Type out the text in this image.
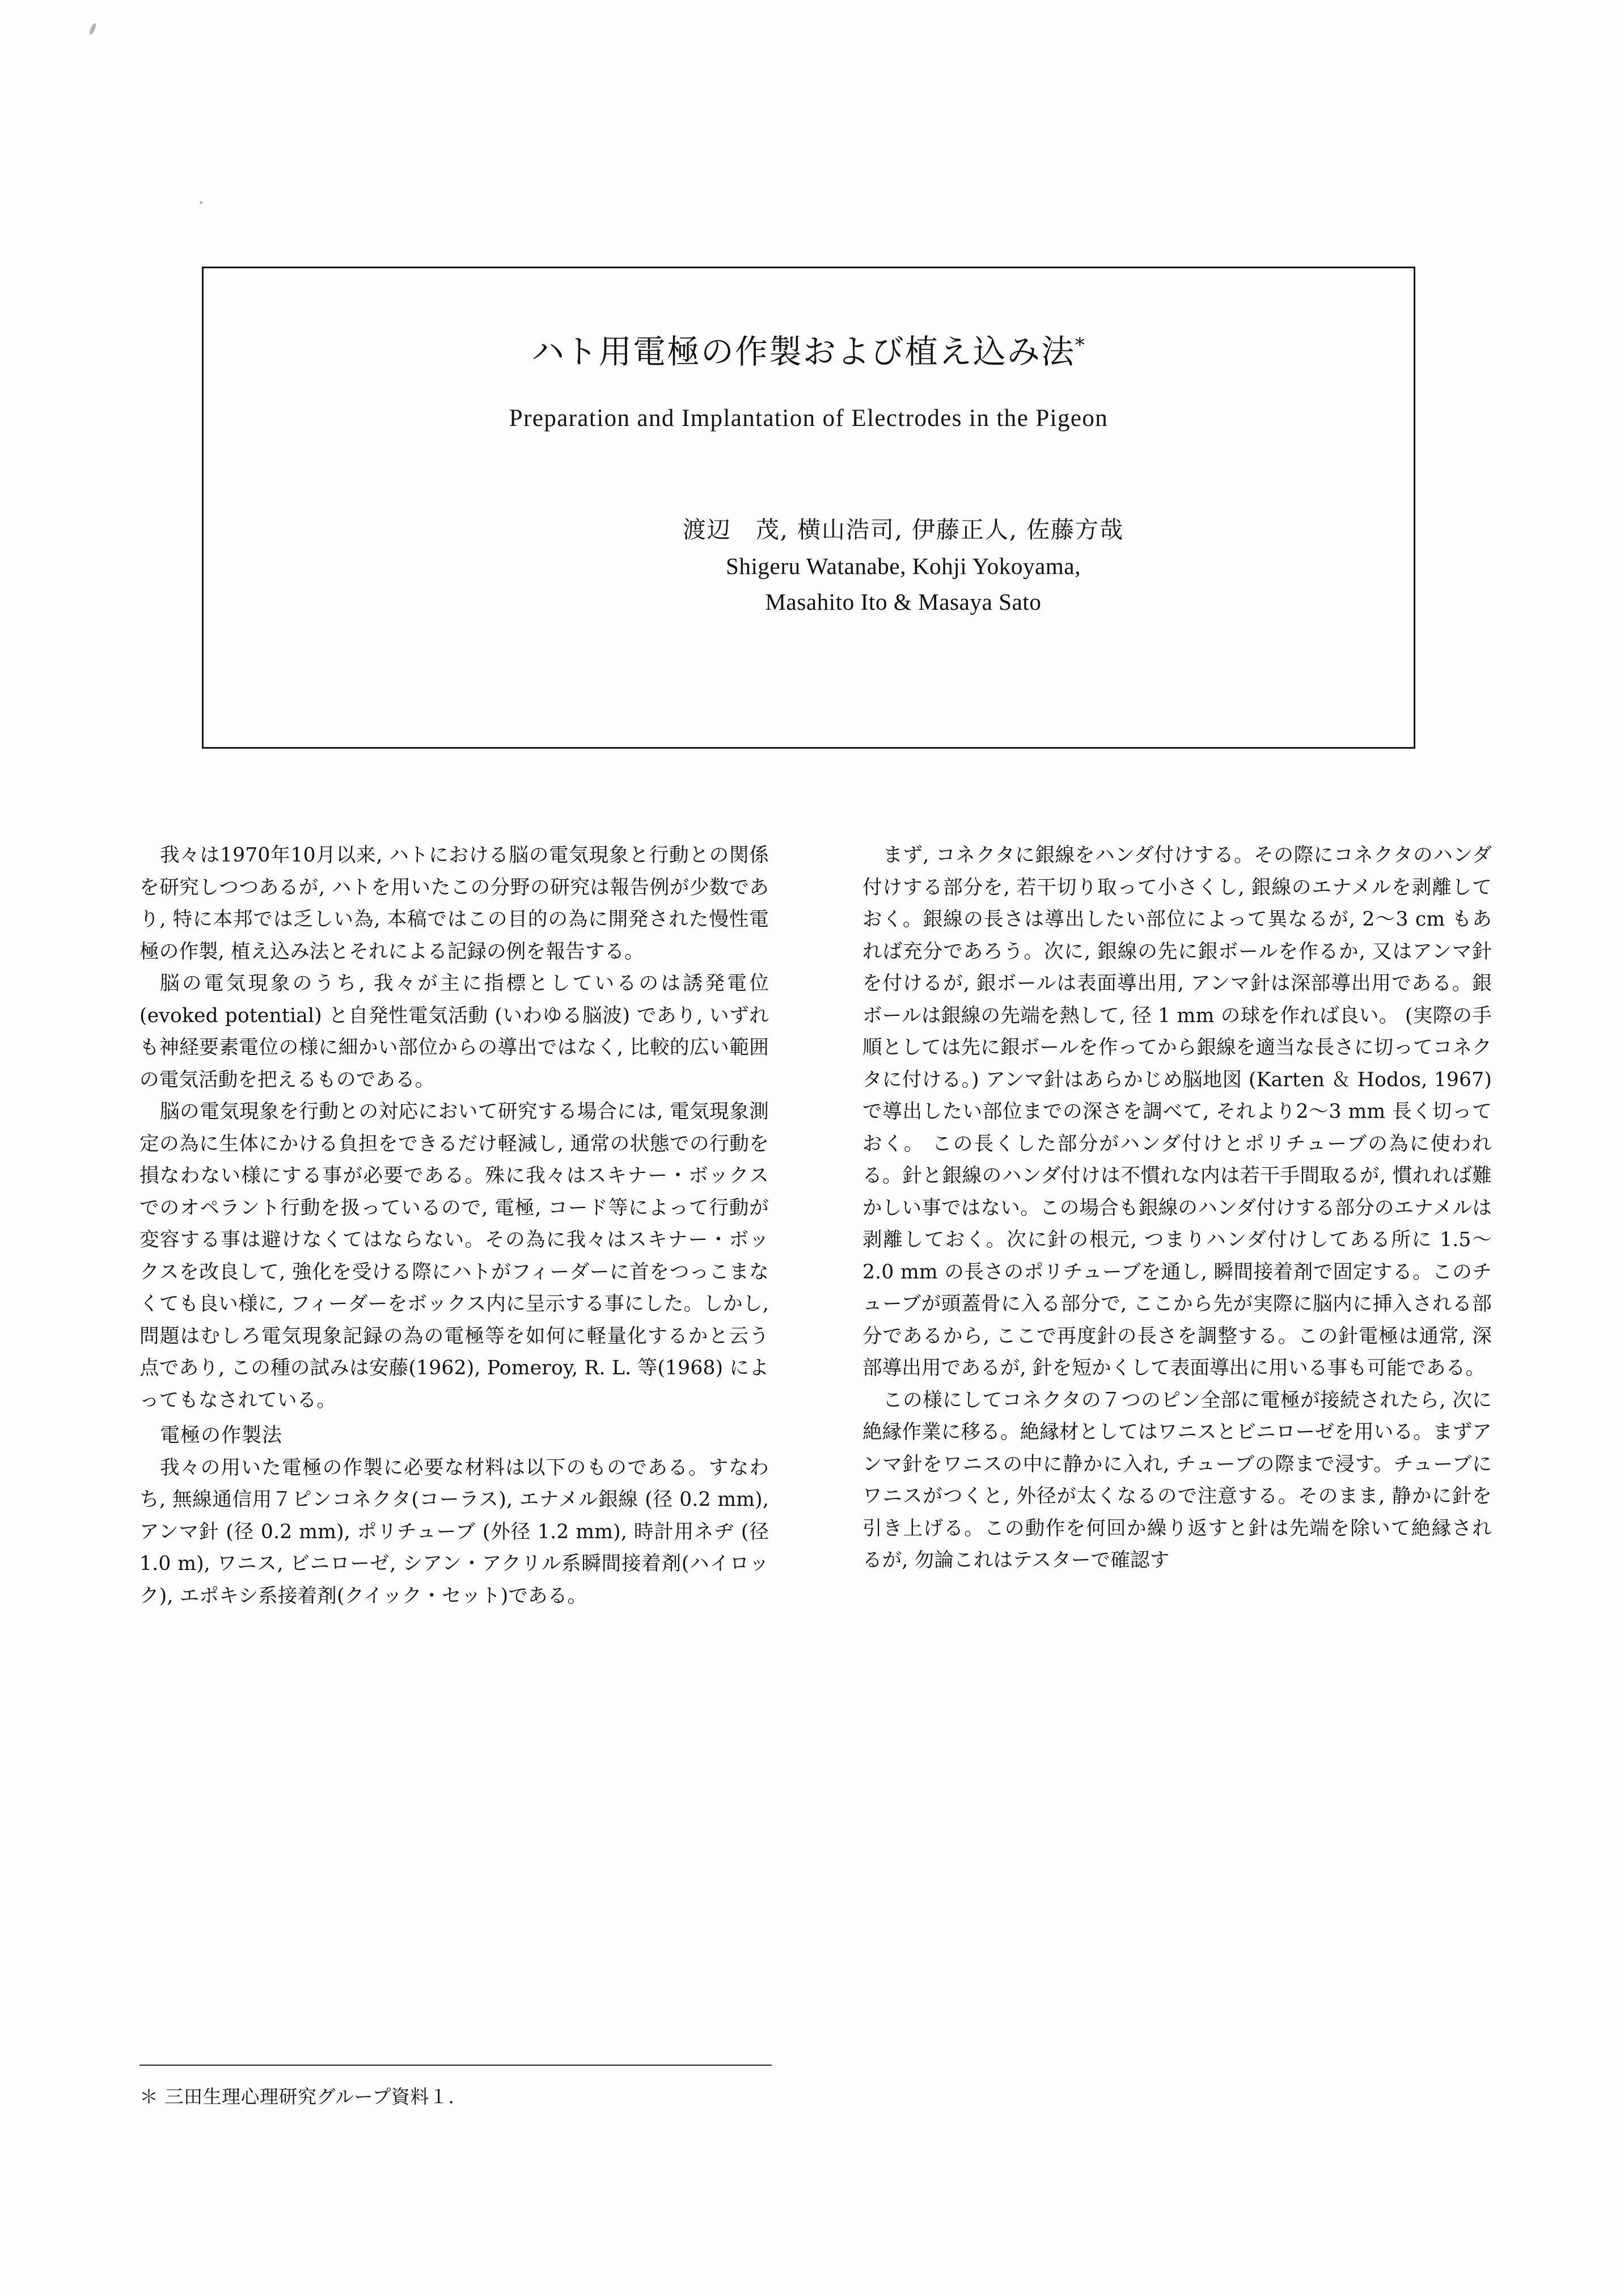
ハト用電極の作製および植え込み法*
Preparation and Implantation of Electrodes in the Pigeon
渡辺　茂, 横山浩司, 伊藤正人, 佐藤方哉
Shigeru Watanabe, Kohji Yokoyama,
Masahito Ito & Masaya Sato

我々は1970年10月以来, ハトにおける脳の電気現象と行動との関係を研究しつつあるが, ハトを用いたこの分野の研究は報告例が少数であり, 特に本邦では乏しい為, 本稿ではこの目的の為に開発された慢性電極の作製, 植え込み法とそれによる記録の例を報告する。

脳の電気現象のうち, 我々が主に指標としているのは誘発電位 (evoked potential) と自発性電気活動 (いわゆる脳波) であり, いずれも神経要素電位の様に細かい部位からの導出ではなく, 比較的広い範囲の電気活動を把えるものである。

脳の電気現象を行動との対応において研究する場合には, 電気現象測定の為に生体にかける負担をできるだけ軽減し, 通常の状態での行動を損なわない様にする事が必要である。殊に我々はスキナー・ボックスでのオペラント行動を扱っているので, 電極, コード等によって行動が変容する事は避けなくてはならない。その為に我々はスキナー・ボックスを改良して, 強化を受ける際にハトがフィーダーに首をつっこまなくても良い様に, フィーダーをボックス内に呈示する事にした。しかし, 問題はむしろ電気現象記録の為の電極等を如何に軽量化するかと云う点であり, この種の試みは安藤(1962), Pomeroy, R. L. 等(1968) によってもなされている。

電極の作製法

我々の用いた電極の作製に必要な材料は以下のものである。すなわち, 無線通信用７ピンコネクタ(コーラス), エナメル銀線 (径 0.2 mm), アンマ針 (径 0.2 mm), ポリチューブ (外径 1.2 mm), 時計用ネヂ (径 1.0 m), ワニス, ビニローゼ, シアン・アクリル系瞬間接着剤(ハイロック), エポキシ系接着剤(クイック・セット)である。

まず, コネクタに銀線をハンダ付けする。その際にコネクタのハンダ付けする部分を, 若干切り取って小さくし, 銀線のエナメルを剥離しておく。銀線の長さは導出したい部位によって異なるが, 2〜3 cm もあれば充分であろう。次に, 銀線の先に銀ボールを作るか, 又はアンマ針を付けるが, 銀ボールは表面導出用, アンマ針は深部導出用である。銀ボールは銀線の先端を熱して, 径 1 mm の球を作れば良い。 (実際の手順としては先に銀ボールを作ってから銀線を適当な長さに切ってコネクタに付ける。) アンマ針はあらかじめ脳地図 (Karten ＆ Hodos, 1967) で導出したい部位までの深さを調べて, それより2〜3 mm 長く切っておく。 この長くした部分がハンダ付けとポリチューブの為に使われる。針と銀線のハンダ付けは不慣れな内は若干手間取るが, 慣れれば難かしい事ではない。この場合も銀線のハンダ付けする部分のエナメルは剥離しておく。次に針の根元, つまりハンダ付けしてある所に 1.5〜2.0 mm の長さのポリチューブを通し, 瞬間接着剤で固定する。このチューブが頭蓋骨に入る部分で, ここから先が実際に脳内に挿入される部分であるから, ここで再度針の長さを調整する。この針電極は通常, 深部導出用であるが, 針を短かくして表面導出に用いる事も可能である。

この様にしてコネクタの７つのピン全部に電極が接続されたら, 次に絶縁作業に移る。絶縁材としてはワニスとビニローゼを用いる。まずアンマ針をワニスの中に静かに入れ, チューブの際まで浸す。チューブにワニスがつくと, 外径が太くなるので注意する。そのまま, 静かに針を引き上げる。この動作を何回か繰り返すと針は先端を除いて絶縁されるが, 勿論これはテスターで確認す

＊ 三田生理心理研究グループ資料１.
